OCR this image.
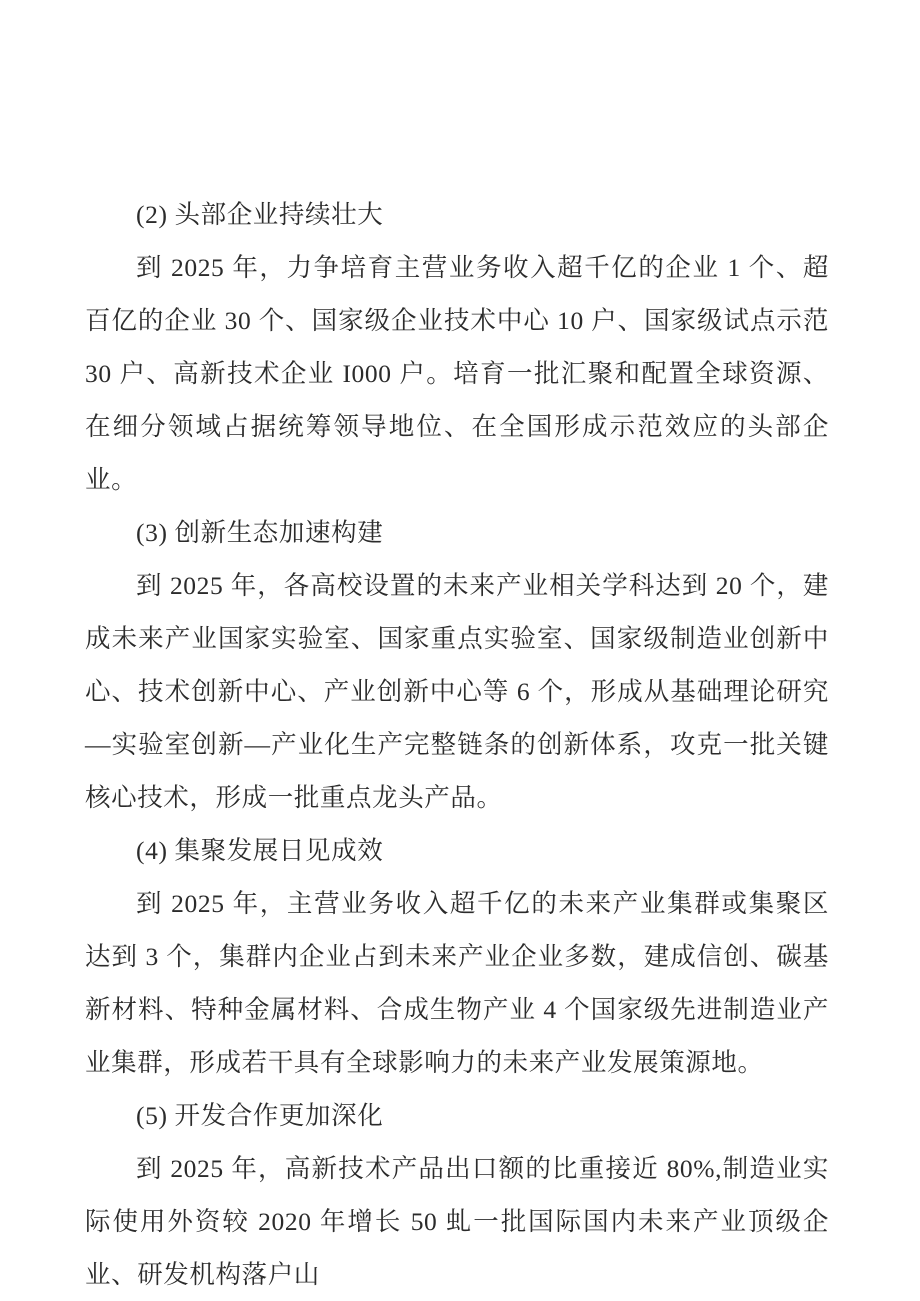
(2) 头部企业持续壮大

到 2025 年，力争培育主营业务收入超千亿的企业 1 个、超百亿的企业 30 个、国家级企业技术中心 10 户、国家级试点示范 30 户、高新技术企业 I000 户。培育一批汇聚和配置全球资源、在细分领域占据统筹领导地位、在全国形成示范效应的头部企业。

(3) 创新生态加速构建

到 2025 年，各高校设置的未来产业相关学科达到 20 个，建成未来产业国家实验室、国家重点实验室、国家级制造业创新中心、技术创新中心、产业创新中心等 6 个，形成从基础理论研究—实验室创新—产业化生产完整链条的创新体系，攻克一批关键核心技术，形成一批重点龙头产品。

(4) 集聚发展日见成效

到 2025 年，主营业务收入超千亿的未来产业集群或集聚区达到 3 个，集群内企业占到未来产业企业多数，建成信创、碳基新材料、特种金属材料、合成生物产业 4 个国家级先进制造业产业集群，形成若干具有全球影响力的未来产业发展策源地。

(5) 开发合作更加深化

到 2025 年，高新技术产品出口额的比重接近 80%,制造业实际使用外资较 2020 年增长 50 虬一批国际国内未来产业顶级企业、研发机构落户山
